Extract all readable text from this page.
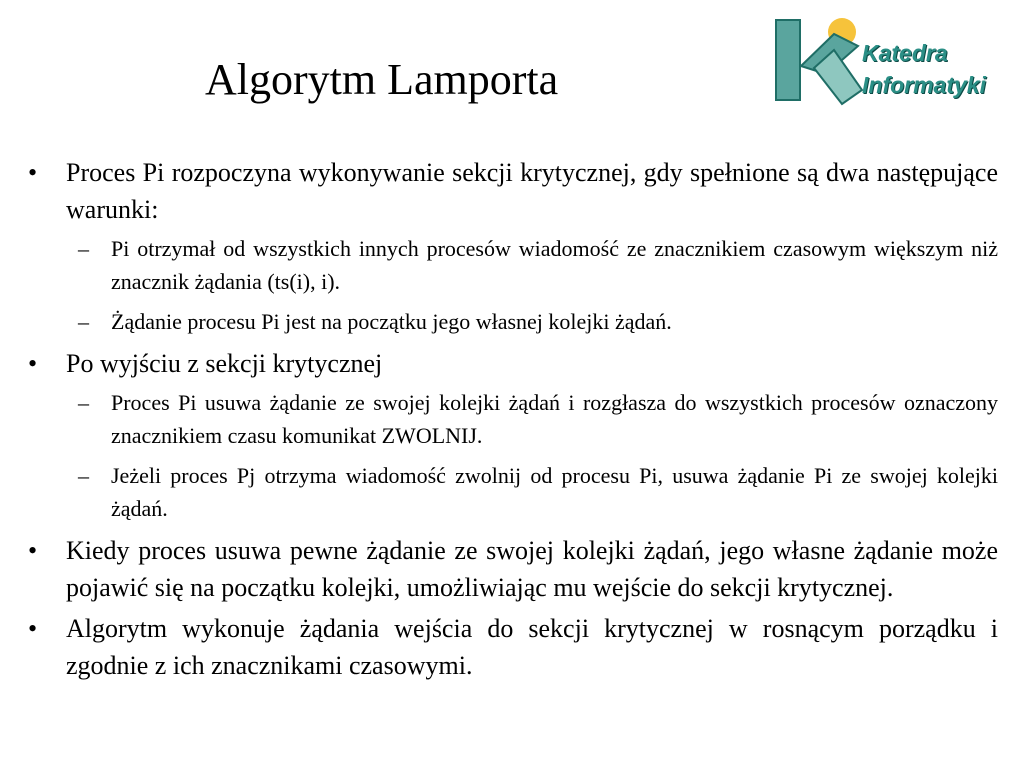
Algorytm Lamporta
Katedra
Informatyki
• Proces Pi rozpoczyna wykonywanie sekcji krytycznej, gdy spełnione są dwa następujące warunki:
– Pi otrzymał od wszystkich innych procesów wiadomość ze znacznikiem czasowym większym niż znacznik żądania (ts(i), i).
– Żądanie procesu Pi jest na początku jego własnej kolejki żądań.
• Po wyjściu z sekcji krytycznej
– Proces Pi usuwa żądanie ze swojej kolejki żądań i rozgłasza do wszystkich procesów oznaczony znacznikiem czasu komunikat ZWOLNIJ.
– Jeżeli proces Pj otrzyma wiadomość zwolnij od procesu Pi, usuwa żądanie Pi ze swojej kolejki żądań.
• Kiedy proces usuwa pewne żądanie ze swojej kolejki żądań, jego własne żądanie może pojawić się na początku kolejki, umożliwiając mu wejście do sekcji krytycznej.
• Algorytm wykonuje żądania wejścia do sekcji krytycznej w rosnącym porządku i zgodnie z ich znacznikami czasowymi.
